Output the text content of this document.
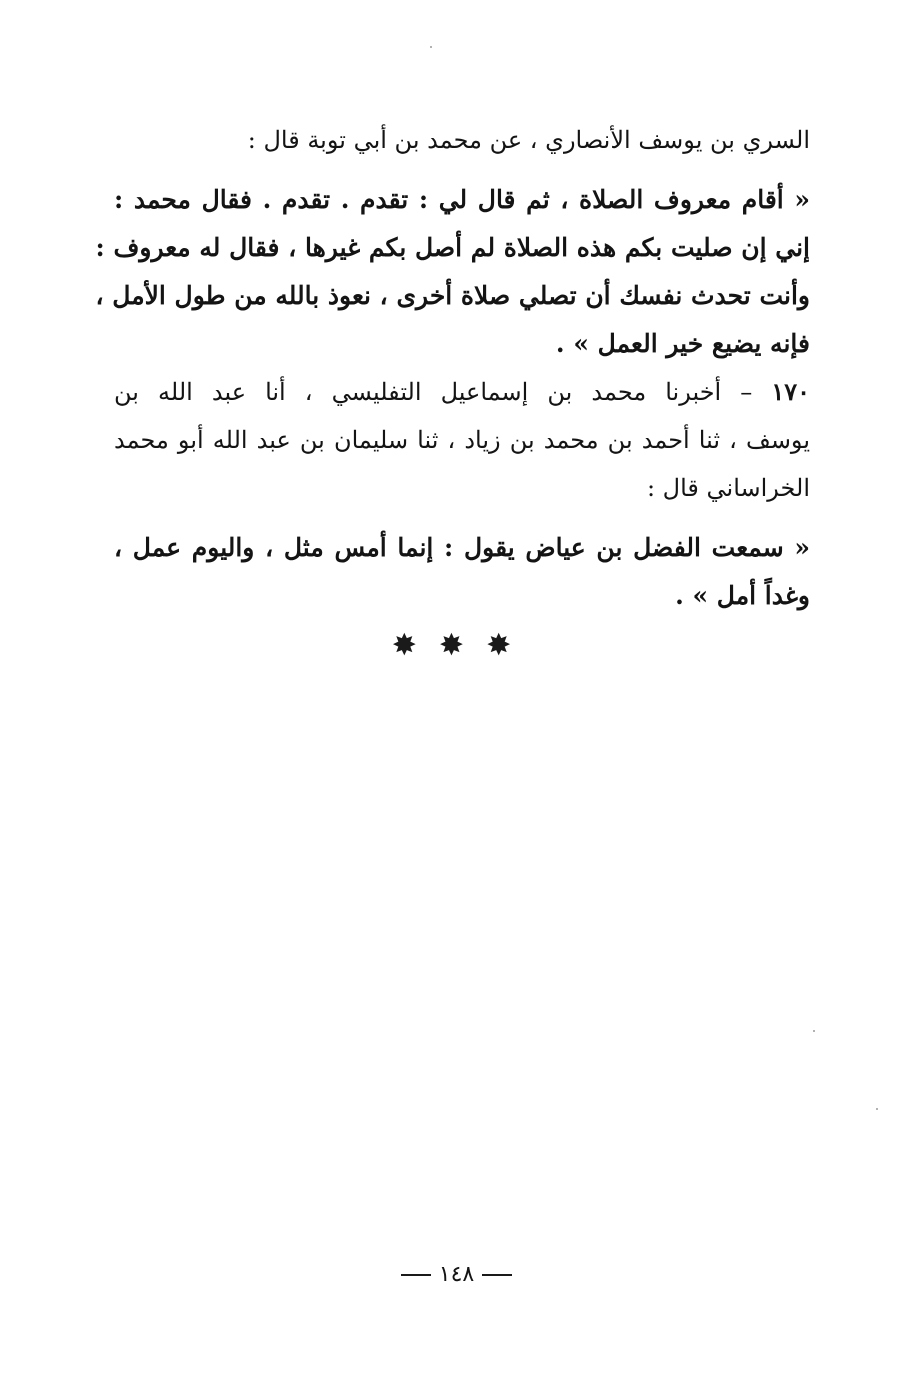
السري بن يوسف الأنصاري ، عن محمد بن أبي توبة قال :
« أقام معروف الصلاة ، ثم قال لي : تقدم . تقدم . فقال محمد :
إني إن صليت بكم هذه الصلاة لم أصل بكم غيرها ، فقال له معروف :
وأنت تحدث نفسك أن تصلي صلاة أخرى ، نعوذ بالله من طول الأمل ،
فإنه يضيع خير العمل » .
١٧٠ – أخبرنا محمد بن إسماعيل التفليسي ، أنا عبد الله بن
يوسف ، ثنا أحمد بن محمد بن زياد ، ثنا سليمان بن عبد الله أبو محمد
الخراساني قال :
« سمعت الفضل بن عياض يقول : إنما أمس مثل ، واليوم عمل ،
وغداً أمل » .
✸ ✸ ✸
١٤٨
